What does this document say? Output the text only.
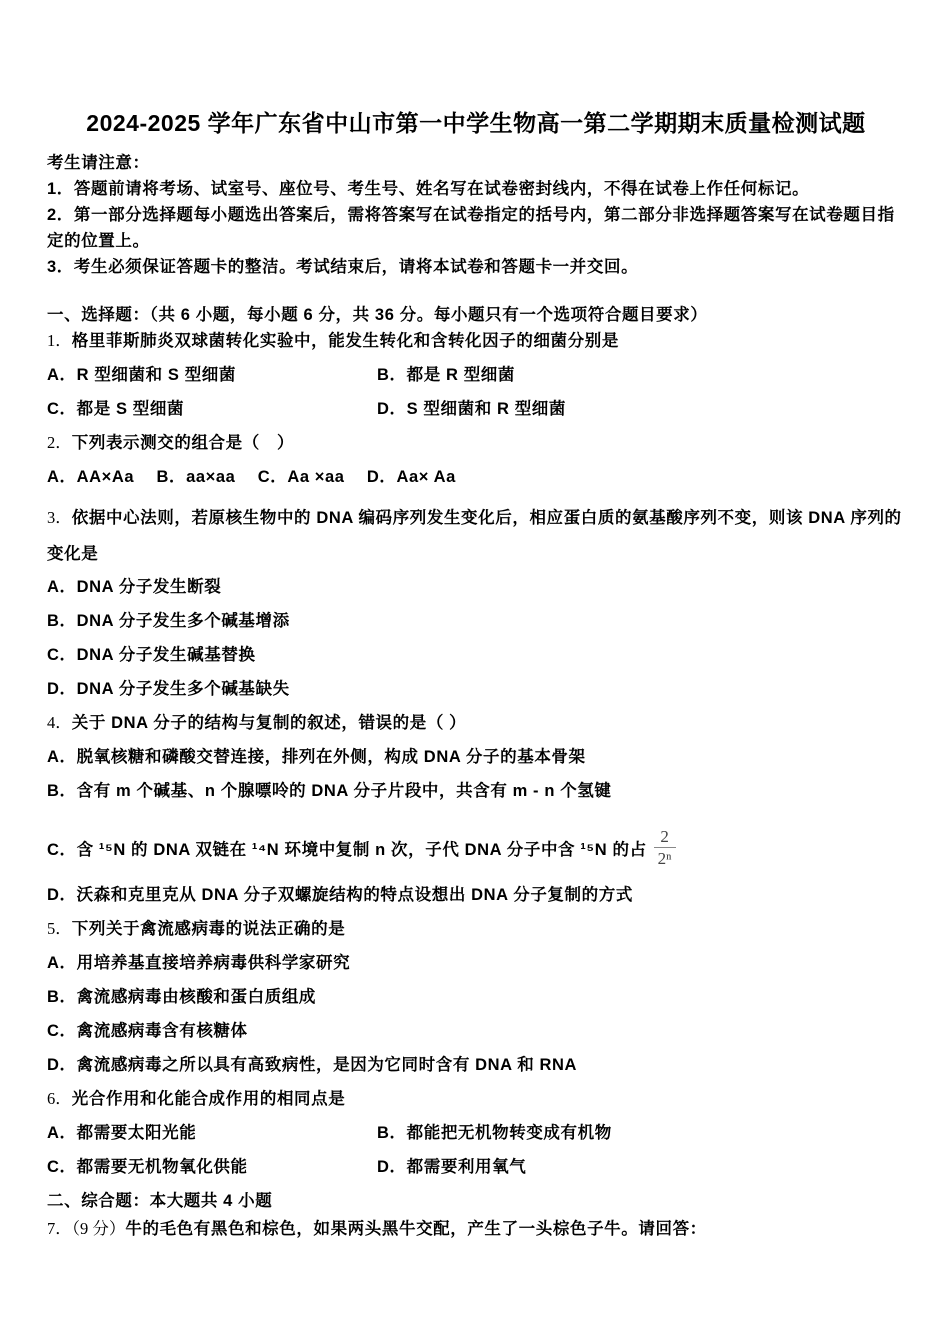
2024-2025 学年广东省中山市第一中学生物高一第二学期期末质量检测试题
考生请注意：
1．答题前请将考场、试室号、座位号、考生号、姓名写在试卷密封线内，不得在试卷上作任何标记。
2．第一部分选择题每小题选出答案后，需将答案写在试卷指定的括号内，第二部分非选择题答案写在试卷题目指定的位置上。
3．考生必须保证答题卡的整洁。考试结束后，请将本试卷和答题卡一并交回。
一、选择题：（共 6 小题，每小题 6 分，共 36 分。每小题只有一个选项符合题目要求）
1．格里菲斯肺炎双球菌转化实验中，能发生转化和含转化因子的细菌分别是
A．R 型细菌和 S 型细菌	B．都是 R 型细菌
C．都是 S 型细菌	D．S 型细菌和 R 型细菌
2．下列表示测交的组合是（　）
A．AA×Aa　 B．aa×aa　 C．Aa ×aa　 D．Aa× Aa
3．依据中心法则，若原核生物中的 DNA 编码序列发生变化后，相应蛋白质的氨基酸序列不变，则该 DNA 序列的变化是
A．DNA 分子发生断裂
B．DNA 分子发生多个碱基增添
C．DNA 分子发生碱基替换
D．DNA 分子发生多个碱基缺失
4．关于 DNA 分子的结构与复制的叙述，错误的是（ ）
A．脱氧核糖和磷酸交替连接，排列在外侧，构成 DNA 分子的基本骨架
B．含有 m 个碱基、n 个腺嘌呤的 DNA 分子片段中，共含有 m - n 个氢键
C．含 ¹⁵N 的 DNA 双链在 ¹⁴N 环境中复制 n 次，子代 DNA 分子中含 ¹⁵N 的占 $\frac{2}{\text{2ⁿ}}$
D．沃森和克里克从 DNA 分子双螺旋结构的特点设想出 DNA 分子复制的方式
5．下列关于禽流感病毒的说法正确的是
A．用培养基直接培养病毒供科学家研究
B．禽流感病毒由核酸和蛋白质组成
C．禽流感病毒含有核糖体
D．禽流感病毒之所以具有高致病性，是因为它同时含有 DNA 和 RNA
6．光合作用和化能合成作用的相同点是
A．都需要太阳光能	B．都能把无机物转变成有机物
C．都需要无机物氧化供能	D．都需要利用氧气
二、综合题：本大题共 4 小题
7．（9 分）牛的毛色有黑色和棕色，如果两头黑牛交配，产生了一头棕色子牛。请回答：
